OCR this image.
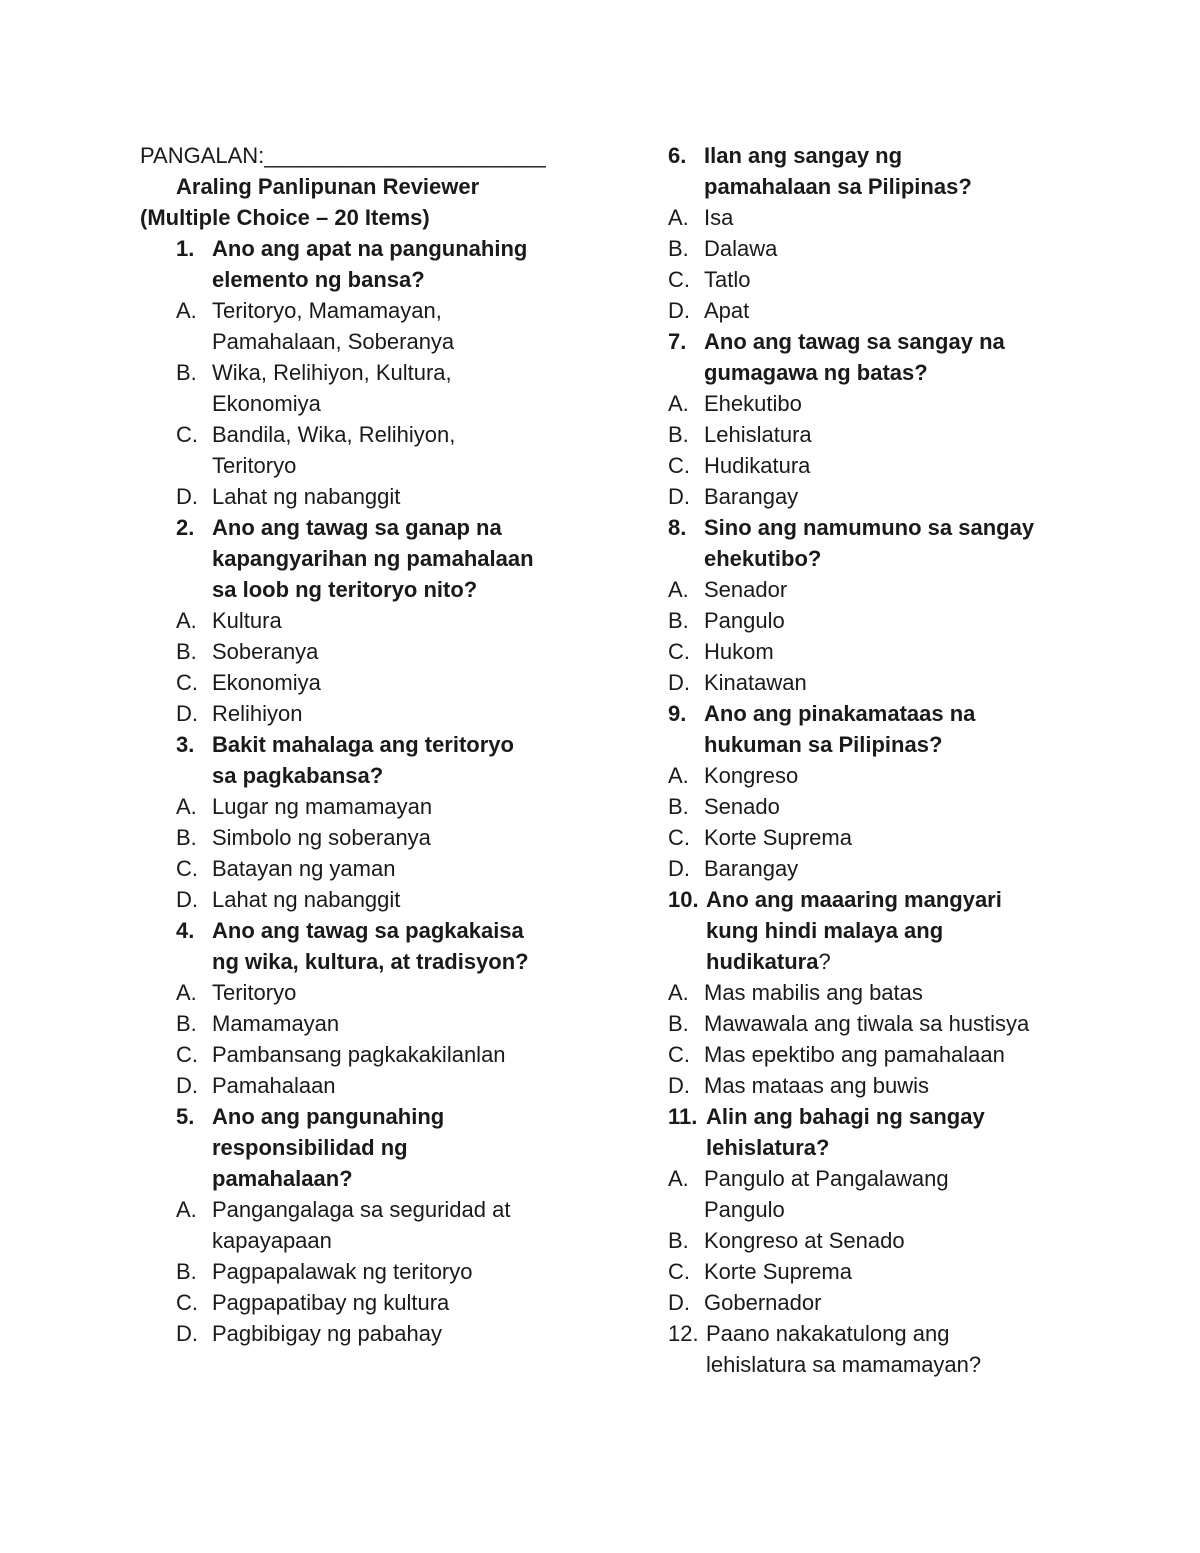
PANGALAN:_______________________
Araling Panlipunan Reviewer
(Multiple Choice – 20 Items)
1. Ano ang apat na pangunahing
elemento ng bansa?
A. Teritoryo, Mamamayan,
Pamahalaan, Soberanya
B. Wika, Relihiyon, Kultura,
Ekonomiya
C. Bandila, Wika, Relihiyon,
Teritoryo
D. Lahat ng nabanggit
2. Ano ang tawag sa ganap na
kapangyarihan ng pamahalaan
sa loob ng teritoryo nito?
A. Kultura
B. Soberanya
C. Ekonomiya
D. Relihiyon
3. Bakit mahalaga ang teritoryo
sa pagkabansa?
A. Lugar ng mamamayan
B. Simbolo ng soberanya
C. Batayan ng yaman
D. Lahat ng nabanggit
4. Ano ang tawag sa pagkakaisa
ng wika, kultura, at tradisyon?
A. Teritoryo
B. Mamamayan
C. Pambansang pagkakakilanlan
D. Pamahalaan
5. Ano ang pangunahing
responsibilidad ng
pamahalaan?
A. Pangangalaga sa seguridad at
kapayapaan
B. Pagpapalawak ng teritoryo
C. Pagpapatibay ng kultura
D. Pagbibigay ng pabahay
6. Ilan ang sangay ng
pamahalaan sa Pilipinas?
A. Isa
B. Dalawa
C. Tatlo
D. Apat
7. Ano ang tawag sa sangay na
gumagawa ng batas?
A. Ehekutibo
B. Lehislatura
C. Hudikatura
D. Barangay
8. Sino ang namumuno sa sangay
ehekutibo?
A. Senador
B. Pangulo
C. Hukom
D. Kinatawan
9. Ano ang pinakamataas na
hukuman sa Pilipinas?
A. Kongreso
B. Senado
C. Korte Suprema
D. Barangay
10. Ano ang maaaring mangyari
kung hindi malaya ang
hudikatura?
A. Mas mabilis ang batas
B. Mawawala ang tiwala sa hustisya
C. Mas epektibo ang pamahalaan
D. Mas mataas ang buwis
11. Alin ang bahagi ng sangay
lehislatura?
A. Pangulo at Pangalawang
Pangulo
B. Kongreso at Senado
C. Korte Suprema
D. Gobernador
12. Paano nakakatulong ang
lehislatura sa mamamayan?
